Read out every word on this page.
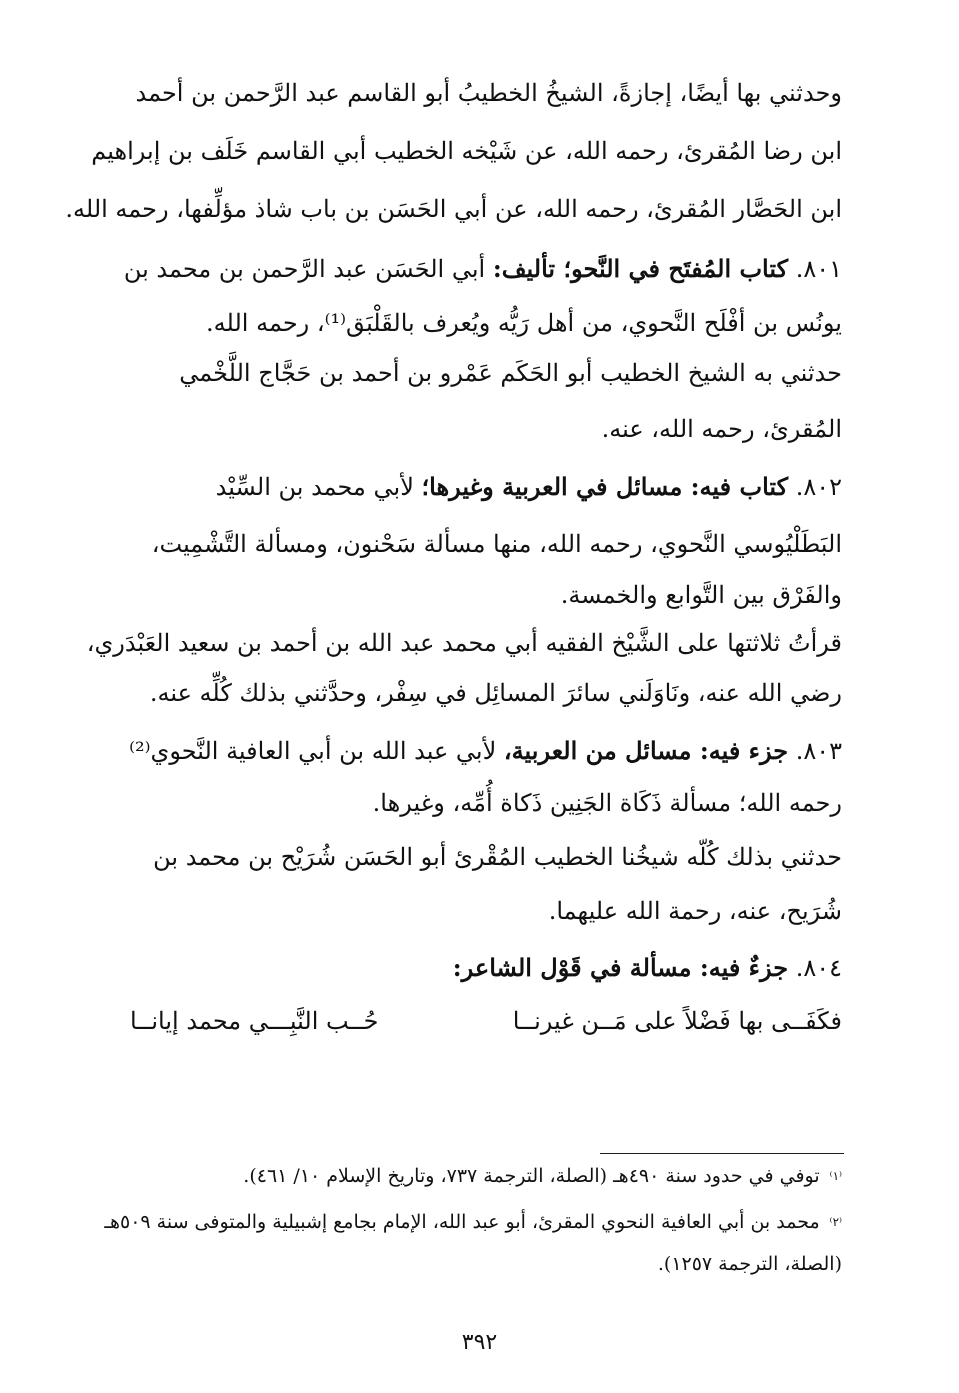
وحدثني بها أيضًا، إجازةً، الشيخُ الخطيبُ أبو القاسم عبد الرَّحمن بن أحمد
ابن رضا المُقرئ، رحمه الله، عن شَيْخه الخطيب أبي القاسم خَلَف بن إبراهيم
ابن الحَصَّار المُقرئ، رحمه الله، عن أبي الحَسَن بن باب شاذ مؤلِّفها، رحمه الله.
٨٠١. كتاب المُفتَح في النَّحو؛ تأليف: أبي الحَسَن عبد الرَّحمن بن محمد بن
يونُس بن أفْلَح النَّحوي، من أهل رَيُّه ويُعرف بالقَلْبَق⁽¹⁾، رحمه الله.
حدثني به الشيخ الخطيب أبو الحَكَم عَمْرو بن أحمد بن حَجَّاج اللَّخْمي
المُقرئ، رحمه الله، عنه.
٨٠٢. كتاب فيه: مسائل في العربية وغيرها؛ لأبي محمد بن السِّيْد
البَطَلْيُوسي النَّحوي، رحمه الله، منها مسألة سَحْنون، ومسألة التَّشْمِيت،
والفَرْق بين التَّوابع والخمسة.
قرأتُ ثلاثتها على الشَّيْخ الفقيه أبي محمد عبد الله بن أحمد بن سعيد العَبْدَري،
رضي الله عنه، ونَاوَلَني سائرَ المسائِل في سِفْر، وحدَّثني بذلك كُلِّه عنه.
٨٠٣. جزء فيه: مسائل من العربية، لأبي عبد الله بن أبي العافية النَّحوي⁽²⁾
رحمه الله؛ مسألة ذَكَاة الجَنِين ذَكاة أُمِّه، وغيرها.
حدثني بذلك كُلّه شيخُنا الخطيب المُقْرئ أبو الحَسَن شُرَيْح بن محمد بن
شُرَيح، عنه، رحمة الله عليهما.
٨٠٤. جزءٌ فيه: مسألة في قَوْل الشاعر:
فكَفَــى بها فَضْلاً على مَــن غيرنــا
حُــب النَّبِـــي محمد إيانــا
$^{^(١^)}$توفي في حدود سنة ٤٩٠هـ (الصلة، الترجمة ٧٣٧، وتاريخ الإسلام ١٠/ ٤٦١).
$^{^(٢^)}$محمد بن أبي العافية النحوي المقرئ، أبو عبد الله، الإمام بجامع إشبيلية والمتوفى سنة ٥٠٩هـ
(الصلة، الترجمة ١٢٥٧).
٣٩٢
